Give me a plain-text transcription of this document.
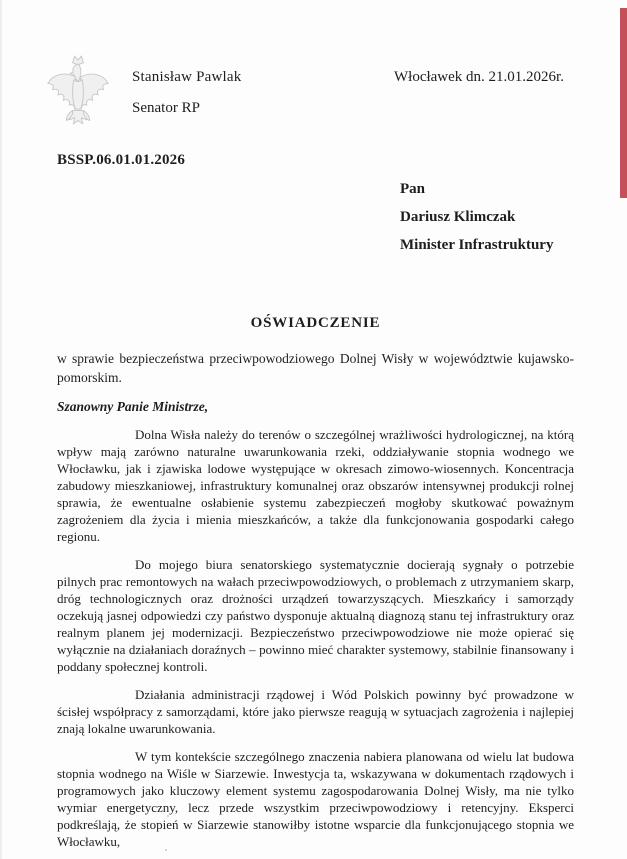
Stanisław Pawlak
Senator RP
Włocławek dn. 21.01.2026r.
BSSP.06.01.01.2026

Pan

Dariusz Klimczak

Minister Infrastruktury

OŚWIADCZENIE

w sprawie bezpieczeństwa przeciwpowodziowego Dolnej Wisły w województwie kujawsko-pomorskim.

Szanowny Panie Ministrze,

Dolna Wisła należy do terenów o szczególnej wrażliwości hydrologicznej, na którą wpływ mają zarówno naturalne uwarunkowania rzeki, oddziaływanie stopnia wodnego we Włocławku, jak i zjawiska lodowe występujące w okresach zimowo-wiosennych. Koncentracja zabudowy mieszkaniowej, infrastruktury komunalnej oraz obszarów intensywnej produkcji rolnej sprawia, że ewentualne osłabienie systemu zabezpieczeń mogłoby skutkować poważnym zagrożeniem dla życia i mienia mieszkańców, a także dla funkcjonowania gospodarki całego regionu.

Do mojego biura senatorskiego systematycznie docierają sygnały o potrzebie pilnych prac remontowych na wałach przeciwpowodziowych, o problemach z utrzymaniem skarp, dróg technologicznych oraz drożności urządzeń towarzyszących. Mieszkańcy i samorządy oczekują jasnej odpowiedzi czy państwo dysponuje aktualną diagnozą stanu tej infrastruktury oraz realnym planem jej modernizacji. Bezpieczeństwo przeciwpowodziowe nie może opierać się wyłącznie na działaniach doraźnych – powinno mieć charakter systemowy, stabilnie finansowany i poddany społecznej kontroli.

Działania administracji rządowej i Wód Polskich powinny być prowadzone w ścisłej współpracy z samorządami, które jako pierwsze reagują w sytuacjach zagrożenia i najlepiej znają lokalne uwarunkowania.

W tym kontekście szczególnego znaczenia nabiera planowana od wielu lat budowa stopnia wodnego na Wiśle w Siarzewie. Inwestycja ta, wskazywana w dokumentach rządowych i programowych jako kluczowy element systemu zagospodarowania Dolnej Wisły, ma nie tylko wymiar energetyczny, lecz przede wszystkim przeciwpowodziowy i retencyjny. Eksperci podkreślają, że stopień w Siarzewie stanowiłby istotne wsparcie dla funkcjonującego stopnia we Włocławku,
